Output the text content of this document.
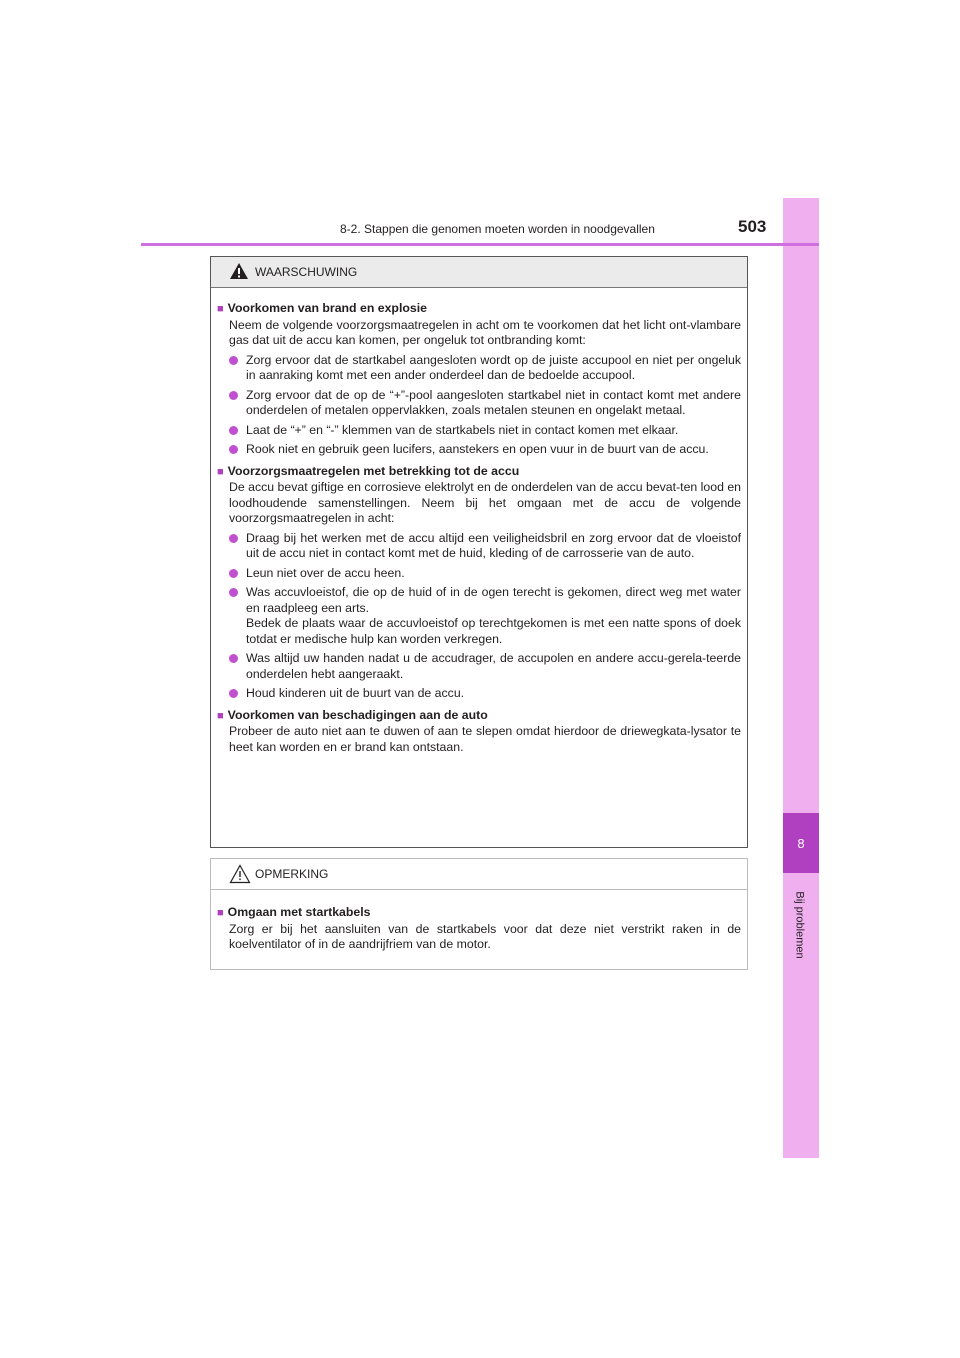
8
Bij problemen
8-2. Stappen die genomen moeten worden in noodgevallen	503
WAARSCHUWING
■ Voorkomen van brand en explosie
Neem de volgende voorzorgsmaatregelen in acht om te voorkomen dat het licht ont-vlambare gas dat uit de accu kan komen, per ongeluk tot ontbranding komt:
Zorg ervoor dat de startkabel aangesloten wordt op de juiste accupool en niet per ongeluk in aanraking komt met een ander onderdeel dan de bedoelde accupool.
Zorg ervoor dat de op de “+”-pool aangesloten startkabel niet in contact komt met andere onderdelen of metalen oppervlakken, zoals metalen steunen en ongelakt metaal.
Laat de “+” en “-” klemmen van de startkabels niet in contact komen met elkaar.
Rook niet en gebruik geen lucifers, aanstekers en open vuur in de buurt van de accu.
■ Voorzorgsmaatregelen met betrekking tot de accu
De accu bevat giftige en corrosieve elektrolyt en de onderdelen van de accu bevat-ten lood en loodhoudende samenstellingen. Neem bij het omgaan met de accu de volgende voorzorgsmaatregelen in acht:
Draag bij het werken met de accu altijd een veiligheidsbril en zorg ervoor dat de vloeistof uit de accu niet in contact komt met de huid, kleding of de carrosserie van de auto.
Leun niet over de accu heen.
Was accuvloeistof, die op de huid of in de ogen terecht is gekomen, direct weg met water en raadpleeg een arts.
Bedek de plaats waar de accuvloeistof op terechtgekomen is met een natte spons of doek totdat er medische hulp kan worden verkregen.
Was altijd uw handen nadat u de accudrager, de accupolen en andere accu-gerela-teerde onderdelen hebt aangeraakt.
Houd kinderen uit de buurt van de accu.
■ Voorkomen van beschadigingen aan de auto
Probeer de auto niet aan te duwen of aan te slepen omdat hierdoor de driewegkata-lysator te heet kan worden en er brand kan ontstaan.
OPMERKING
■ Omgaan met startkabels
Zorg er bij het aansluiten van de startkabels voor dat deze niet verstrikt raken in de koelventilator of in de aandrijfriem van de motor.
